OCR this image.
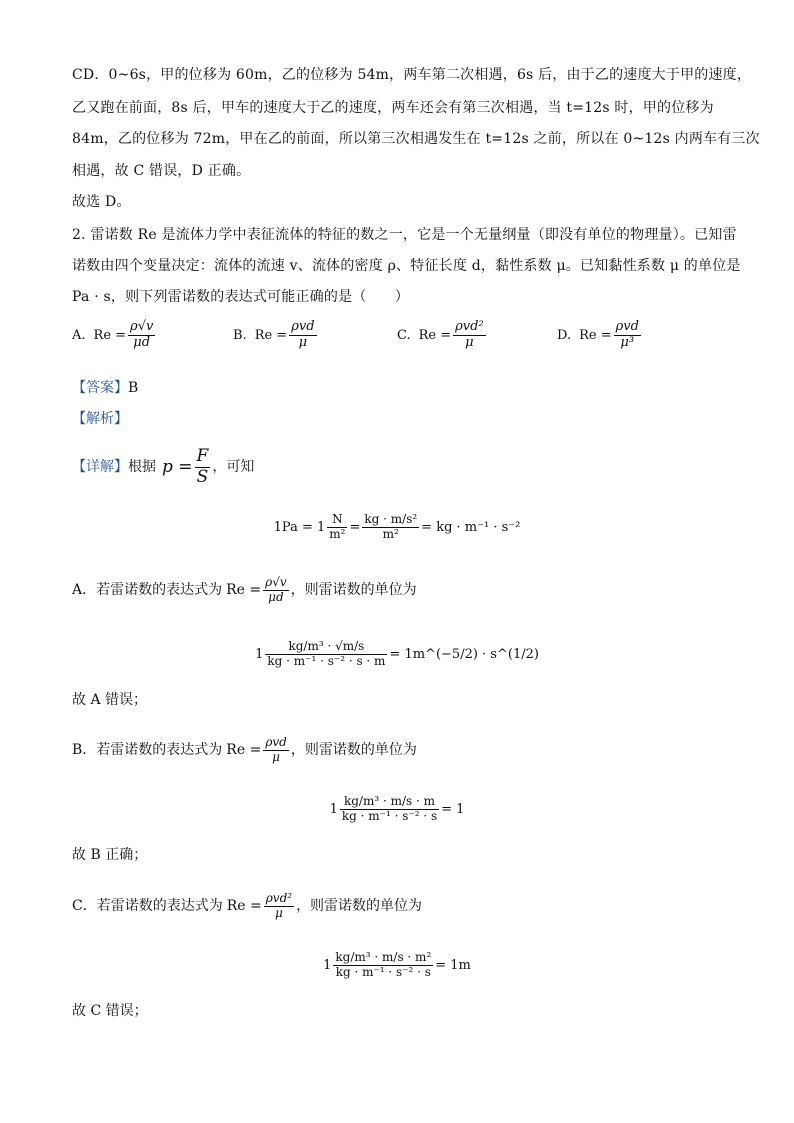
CD．0~6s，甲的位移为 60m，乙的位移为 54m，两车第二次相遇，6s 后，由于乙的速度大于甲的速度，
乙又跑在前面，8s 后，甲车的速度大于乙的速度，两车还会有第三次相遇，当 t=12s 时，甲的位移为
84m，乙的位移为 72m，甲在乙的前面，所以第三次相遇发生在 t=12s 之前，所以在 0~12s 内两车有三次
相遇，故 C 错误，D 正确。
故选 D。
2. 雷诺数 Re 是流体力学中表征流体的特征的数之一，它是一个无量纲量（即没有单位的物理量）。已知雷
诺数由四个变量决定：流体的流速 v、流体的密度 ρ、特征长度 d，黏性系数 μ。已知黏性系数 μ 的单位是
Pa · s，则下列雷诺数的表达式可能正确的是（　　）
A. $Re = \frac{\rho√v}{\mu d}$	B. $Re = \frac{\text{ρvd}}{\mu}$	C. $Re = \frac{\text{ρvd²}}{\mu}$	D. $Re = \frac{\text{ρvd}}{\text{μ³}}$
【答案】B
【解析】
【详解】 根据 $p = \frac{F}{S}$ ，可知
$1Pa = 1 \frac{N}{\text{m²}} = \frac{\text{kg · m/s²}}{\text{m²}}$ = kg · m⁻¹ · s⁻²
A．若雷诺数的表达式为 $Re = \frac{\rho√v}{\mu d}$ ，则雷诺数的单位为
$1 \frac{\text{kg/m³ · √m/s}}{\text{kg · m⁻¹ · s⁻² · s · m}}$ = 1m^(−5/2) · s^(1/2)
故 A 错误；
B．若雷诺数的表达式为 $Re = \frac{\text{ρvd}}{\mu}$ ，则雷诺数的单位为
$1 \frac{\text{kg/m³ · m/s · m}}{\text{kg · m⁻¹ · s⁻² · s}} = 1$
故 B 正确；
C．若雷诺数的表达式为 $Re = \frac{\text{ρvd²}}{\mu}$ ，则雷诺数的单位为
$1 \frac{\text{kg/m³ · m/s · m²}}{\text{kg · m⁻¹ · s⁻² · s}} = 1m$
故 C 错误；
